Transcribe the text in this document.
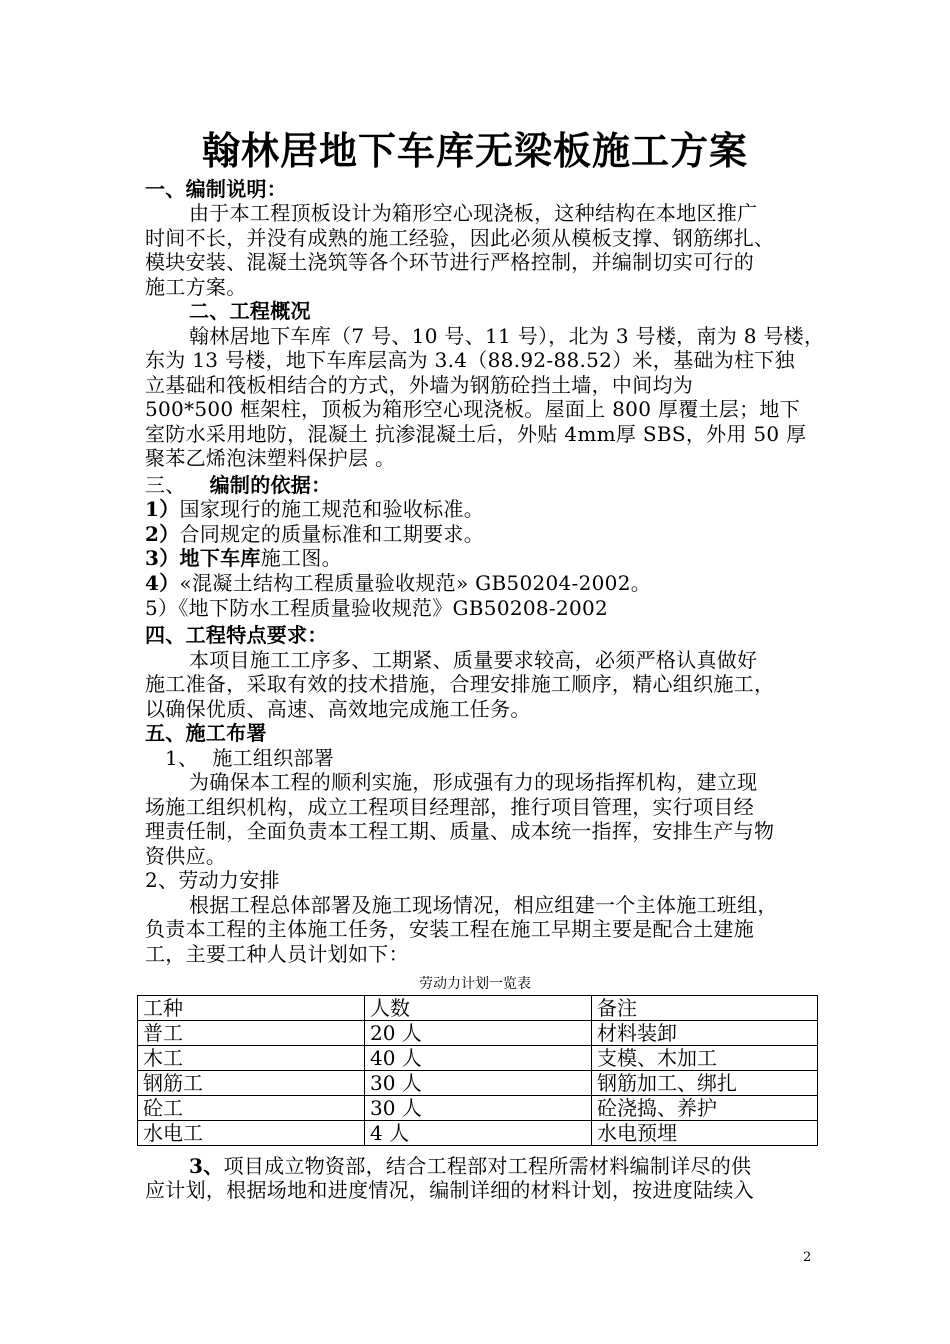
翰林居地下车库无梁板施工方案
一、编制说明：
由于本工程顶板设计为箱形空心现浇板，这种结构在本地区推广
时间不长，并没有成熟的施工经验，因此必须从模板支撑、钢筋绑扎、
模块安装、混凝土浇筑等各个环节进行严格控制，并编制切实可行的
施工方案。
二、工程概况
翰林居地下车库（7 号、10 号、11 号），北为 3 号楼，南为 8 号楼，
东为 13 号楼，地下车库层高为 3.4（88.92-88.52）米，基础为柱下独
立基础和筏板相结合的方式，外墙为钢筋砼挡土墙，中间均为
500*500 框架柱，顶板为箱形空心现浇板。屋面上 800 厚覆土层；地下
室防水采用地防，混凝土 抗渗混凝土后，外贴 4mm厚 SBS，外用 50 厚
聚苯乙烯泡沫塑料保护层 。
三、 编制的依据：
1）国家现行的施工规范和验收标准。
2）合同规定的质量标准和工期要求。
3）地下车库施工图。
4）«混凝土结构工程质量验收规范» GB50204-2002。
5）《地下防水工程质量验收规范》GB50208-2002
四、工程特点要求：
本项目施工工序多、工期紧、质量要求较高，必须严格认真做好
施工准备，采取有效的技术措施，合理安排施工顺序，精心组织施工，
以确保优质、高速、高效地完成施工任务。
五、施工布署
1、 施工组织部署
为确保本工程的顺利实施，形成强有力的现场指挥机构，建立现
场施工组织机构，成立工程项目经理部，推行项目管理，实行项目经
理责任制，全面负责本工程工期、质量、成本统一指挥，安排生产与物
资供应。
2、劳动力安排
根据工程总体部署及施工现场情况，相应组建一个主体施工班组，
负责本工程的主体施工任务，安装工程在施工早期主要是配合土建施
工，主要工种人员计划如下：
劳动力计划一览表
工种	人数	备注
普工	20 人	材料装卸
木工	40 人	支模、木加工
钢筋工	30 人	钢筋加工、绑扎
砼工	30 人	砼浇捣、养护
水电工	4 人	水电预埋
3、项目成立物资部，结合工程部对工程所需材料编制详尽的供
应计划，根据场地和进度情况，编制详细的材料计划，按进度陆续入
2
